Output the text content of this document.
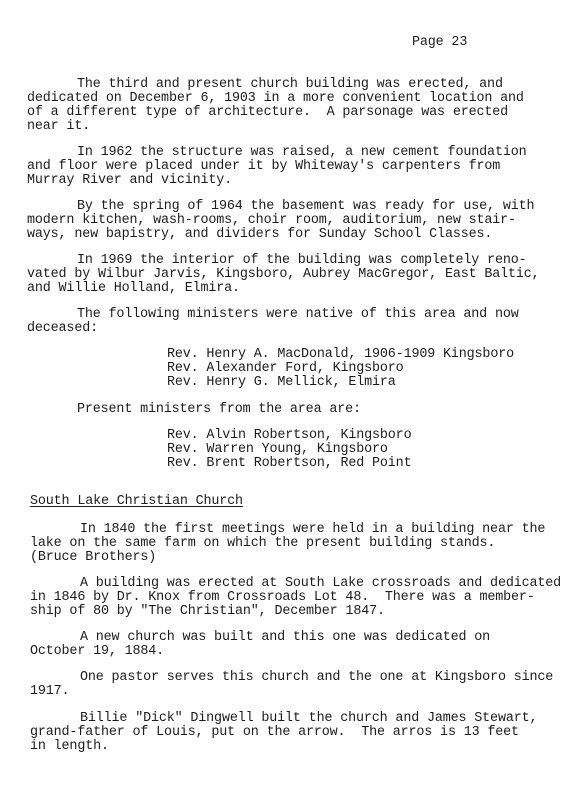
Page 23
The third and present church building was erected, and
dedicated on December 6, 1903 in a more convenient location and
of a different type of architecture.  A parsonage was erected
near it.
In 1962 the structure was raised, a new cement foundation
and floor were placed under it by Whiteway's carpenters from
Murray River and vicinity.
By the spring of 1964 the basement was ready for use, with
modern kitchen, wash-rooms, choir room, auditorium, new stair-
ways, new bapistry, and dividers for Sunday School Classes.
In 1969 the interior of the building was completely reno-
vated by Wilbur Jarvis, Kingsboro, Aubrey MacGregor, East Baltic,
and Willie Holland, Elmira.
The following ministers were native of this area and now
deceased:
Rev. Henry A. MacDonald, 1906-1909 Kingsboro
Rev. Alexander Ford, Kingsboro
Rev. Henry G. Mellick, Elmira
Present ministers from the area are:
Rev. Alvin Robertson, Kingsboro
Rev. Warren Young, Kingsboro
Rev. Brent Robertson, Red Point
South Lake Christian Church
In 1840 the first meetings were held in a building near the
lake on the same farm on which the present building stands.
(Bruce Brothers)
A building was erected at South Lake crossroads and dedicated
in 1846 by Dr. Knox from Crossroads Lot 48.  There was a member-
ship of 80 by "The Christian", December 1847.
A new church was built and this one was dedicated on
October 19, 1884.
One pastor serves this church and the one at Kingsboro since
1917.
Billie "Dick" Dingwell built the church and James Stewart,
grand-father of Louis, put on the arrow.  The arros is 13 feet
in length.
